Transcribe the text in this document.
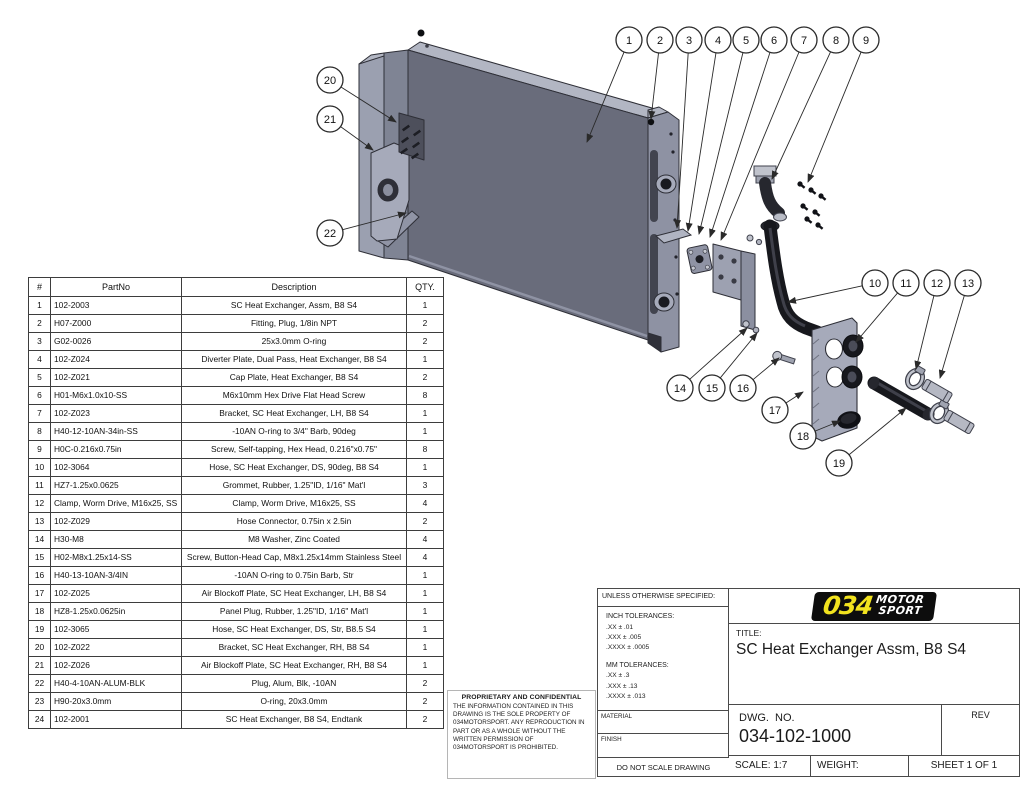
1 2 3 4 5 6 7 8 9
10 11 12 13
14 15 16
17
18
19
20
21
22
#	PartNo	Description	QTY.
1	102-2003	SC Heat Exchanger, Assm, B8 S4	1
2	H07-Z000	Fitting, Plug, 1/8in NPT	2
3	G02-0026	25x3.0mm O-ring	2
4	102-Z024	Diverter Plate, Dual Pass, Heat Exchanger, B8 S4	1
5	102-Z021	Cap Plate, Heat Exchanger, B8 S4	2
6	H01-M6x1.0x10-SS	M6x10mm Hex Drive Flat Head Screw	8
7	102-Z023	Bracket, SC Heat Exchanger, LH, B8 S4	1
8	H40-12-10AN-34in-SS	-10AN O-ring to 3/4" Barb, 90deg	1
9	H0C-0.216x0.75in	Screw, Self-tapping, Hex Head, 0.216"x0.75"	8
10	102-3064	Hose, SC Heat Exchanger, DS, 90deg, B8 S4	1
11	HZ7-1.25x0.0625	Grommet, Rubber, 1.25"ID, 1/16" Mat'l	3
12	Clamp, Worm Drive, M16x25, SS	Clamp, Worm Drive, M16x25, SS	4
13	102-Z029	Hose Connector, 0.75in x 2.5in	2
14	H30-M8	M8 Washer, Zinc Coated	4
15	H02-M8x1.25x14-SS	Screw, Button-Head Cap, M8x1.25x14mm Stainless Steel	4
16	H40-13-10AN-3/4IN	-10AN O-ring to 0.75in Barb, Str	1
17	102-Z025	Air Blockoff Plate, SC Heat Exchanger, LH, B8 S4	1
18	HZ8-1.25x0.0625in	Panel Plug, Rubber, 1.25"ID, 1/16" Mat'l	1
19	102-3065	Hose, SC Heat Exchanger, DS, Str, B8.5 S4	1
20	102-Z022	Bracket, SC Heat Exchanger, RH, B8 S4	1
21	102-Z026	Air Blockoff Plate, SC Heat Exchanger, RH, B8 S4	1
22	H40-4-10AN-ALUM-BLK	Plug, Alum, Blk, -10AN	2
23	H90-20x3.0mm	O-ring, 20x3.0mm	2
24	102-2001	SC Heat Exchanger, B8 S4, Endtank	2
PROPRIETARY AND CONFIDENTIAL
THE INFORMATION CONTAINED IN THIS DRAWING IS THE SOLE PROPERTY OF 034MOTORSPORT. ANY REPRODUCTION IN PART OR AS A WHOLE WITHOUT THE WRITTEN PERMISSION OF 034MOTORSPORT IS PROHIBITED.
UNLESS OTHERWISE SPECIFIED:
INCH TOLERANCES:
.XX ± .01
.XXX ± .005
.XXXX ± .0005
MM TOLERANCES:
.XX ± .3
.XXX ± .13
.XXXX ± .013
MATERIAL
FINISH
DO NOT SCALE DRAWING
034 MOTOR
SPORT
TITLE:
SC Heat Exchanger Assm, B8 S4
DWG.  NO.
034-102-1000
REV
SCALE: 1:7	WEIGHT:	SHEET 1 OF 1
